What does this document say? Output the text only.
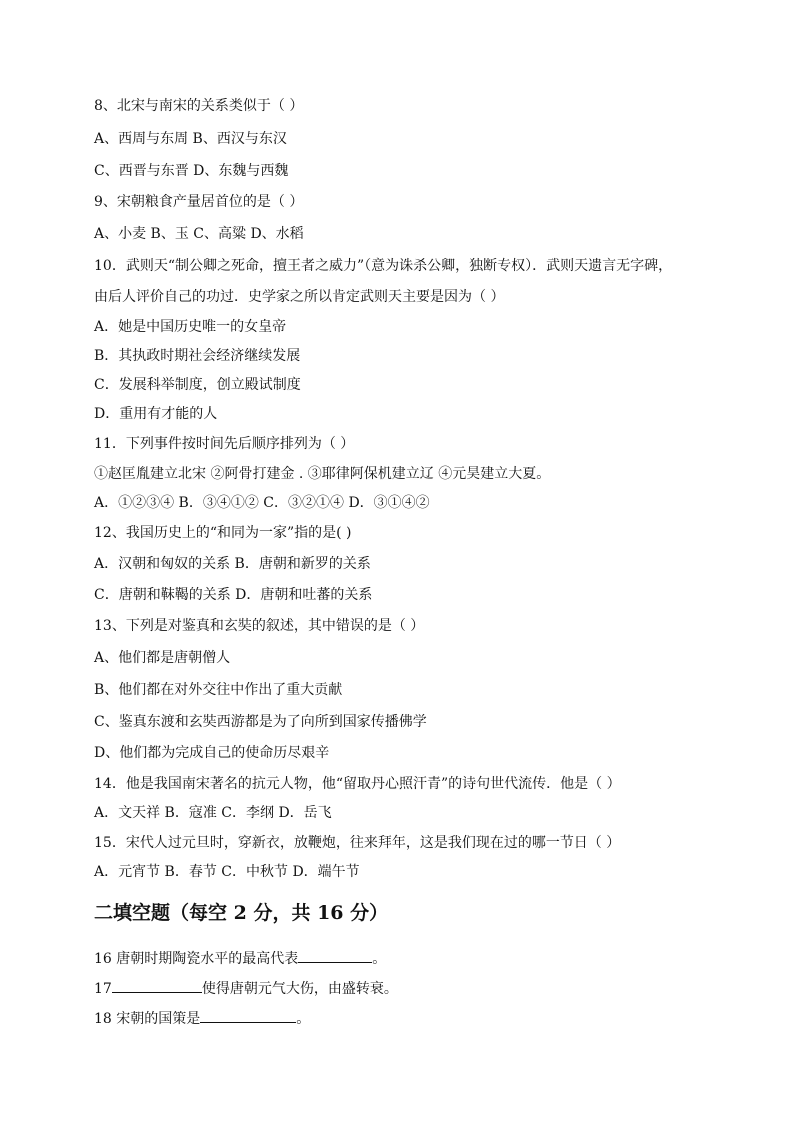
8、北宋与南宋的关系类似于（ ）
A、西周与东周 B、西汉与东汉
C、西晋与东晋 D、东魏与西魏
9、宋朝粮食产量居首位的是（ ）
A、小麦 B、玉 C、高粱 D、水稻
10．武则天“制公卿之死命，擅王者之威力”（意为诛杀公卿，独断专权）．武则天遗言无字碑，
由后人评价自己的功过．史学家之所以肯定武则天主要是因为（ ）
A．她是中国历史唯一的女皇帝
B．其执政时期社会经济继续发展
C．发展科举制度，创立殿试制度
D．重用有才能的人
11．下列事件按时间先后顺序排列为（ ）
①赵匡胤建立北宋 ②阿骨打建金 . ③耶律阿保机建立辽 ④元昊建立大夏。
A．①②③④ B．③④①② C．③②①④ D．③①④②
12、我国历史上的“和同为一家”指的是( )
A．汉朝和匈奴的关系 B．唐朝和新罗的关系
C．唐朝和靺鞨的关系 D．唐朝和吐蕃的关系
13、下列是对鉴真和玄奘的叙述，其中错误的是（ ）
A、他们都是唐朝僧人
B、他们都在对外交往中作出了重大贡献
C、鉴真东渡和玄奘西游都是为了向所到国家传播佛学
D、他们都为完成自己的使命历尽艰辛
14．他是我国南宋著名的抗元人物，他“留取丹心照汗青”的诗句世代流传．他是（ ）
A．文天祥 B．寇准 C．李纲 D．岳飞
15．宋代人过元旦时，穿新衣，放鞭炮，往来拜年，这是我们现在过的哪一节日（ ）
A．元宵节 B．春节 C．中秋节 D．端午节
二填空题（每空 2 分，共 16 分）
16 唐朝时期陶瓷水平的最高代表	。
17	使得唐朝元气大伤，由盛转衰。
18 宋朝的国策是	。
